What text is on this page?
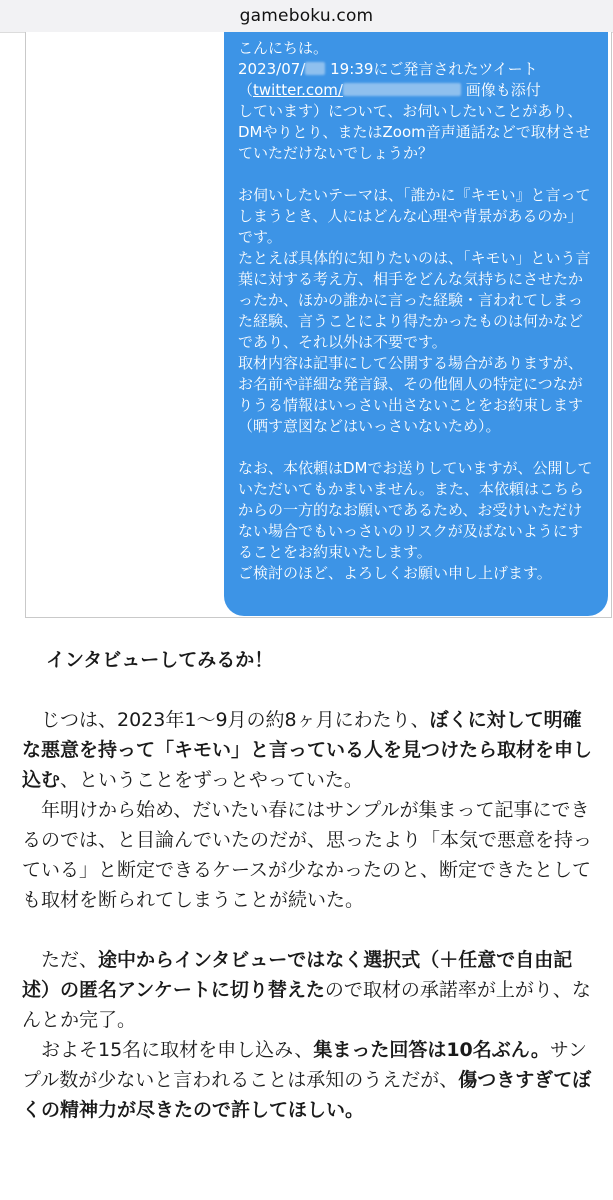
gameboku.com

こんにちは。

2023/07/ 19:39にご発言されたツイート

（twitter.com/	画像も添付

しています）について、お伺いしたいことがあり、DMやりとり、またはZoom音声通話などで取材させていただけないでしょうか？

お伺いしたいテーマは、「誰かに『キモい』と言ってしまうとき、人にはどんな心理や背景があるのか」です。

たとえば具体的に知りたいのは、「キモい」という言葉に対する考え方、相手をどんな気持ちにさせたかったか、ほかの誰かに言った経験・言われてしまった経験、言うことにより得たかったものは何かなどであり、それ以外は不要です。

取材内容は記事にして公開する場合がありますが、お名前や詳細な発言録、その他個人の特定につながりうる情報はいっさい出さないことをお約束します（晒す意図などはいっさいないため）。

なお、本依頼はDMでお送りしていますが、公開していただいてもかまいません。また、本依頼はこちらからの一方的なお願いであるため、お受けいただけない場合でもいっさいのリスクが及ばないようにすることをお約束いたします。

ご検討のほど、よろしくお願い申し上げます。

インタビューしてみるか！

じつは、2023年1〜9月の約8ヶ月にわたり、ぼくに対して明確な悪意を持って「キモい」と言っている人を見つけたら取材を申し込む、ということをずっとやっていた。

年明けから始め、だいたい春にはサンプルが集まって記事にできるのでは、と目論んでいたのだが、思ったより「本気で悪意を持っている」と断定できるケースが少なかったのと、断定できたとしても取材を断られてしまうことが続いた。

ただ、途中からインタビューではなく選択式（＋任意で自由記述）の匿名アンケートに切り替えたので取材の承諾率が上がり、なんとか完了。

およそ15名に取材を申し込み、集まった回答は10名ぶん。サンプル数が少ないと言われることは承知のうえだが、傷つきすぎてぼくの精神力が尽きたので許してほしい。
